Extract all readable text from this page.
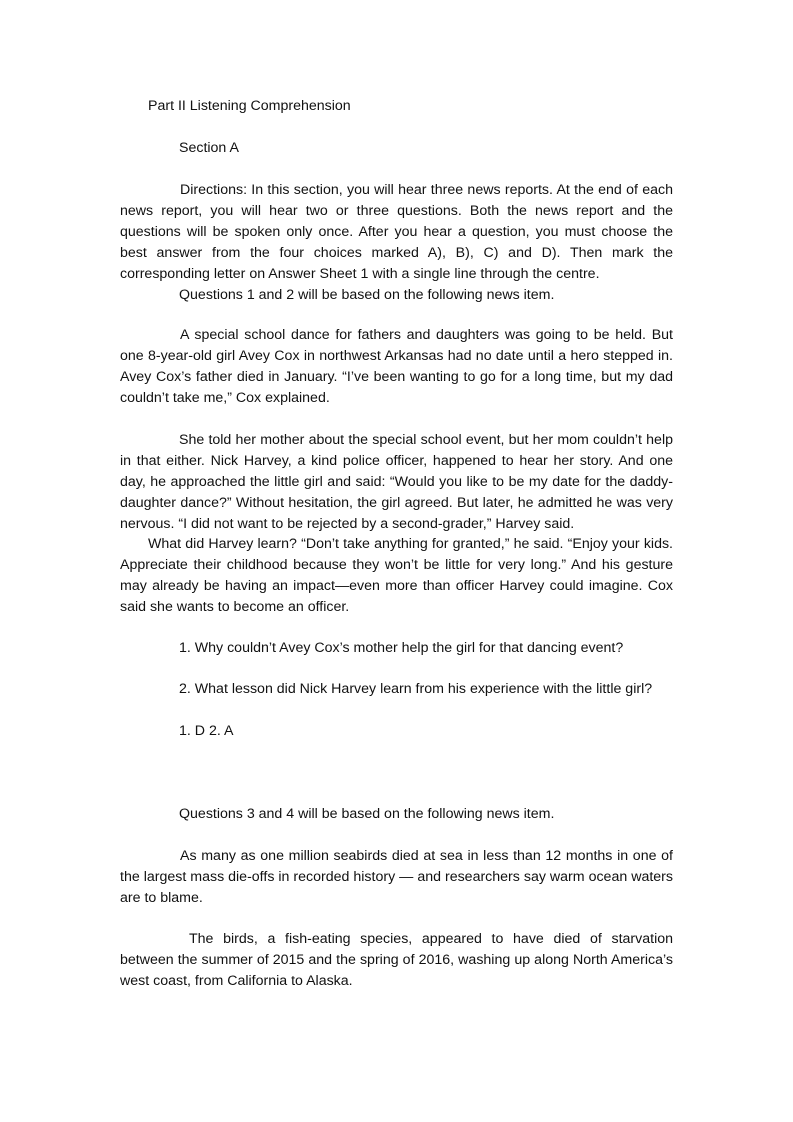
Part II Listening Comprehension

Section A

Directions: In this section, you will hear three news reports. At the end of each news report, you will hear two or three questions. Both the news report and the questions will be spoken only once. After you hear a question, you must choose the best answer from the four choices marked A), B), C) and D). Then mark the corresponding letter on Answer Sheet 1 with a single line through the centre.

Questions 1 and 2 will be based on the following news item.

A special school dance for fathers and daughters was going to be held. But one 8-year-old girl Avey Cox in northwest Arkansas had no date until a hero stepped in. Avey Cox’s father died in January. “I’ve been wanting to go for a long time, but my dad couldn’t take me,” Cox explained.

She told her mother about the special school event, but her mom couldn’t help in that either. Nick Harvey, a kind police officer, happened to hear her story. And one day, he approached the little girl and said: “Would you like to be my date for the daddy-daughter dance?” Without hesitation, the girl agreed. But later, he admitted he was very nervous. “I did not want to be rejected by a second-grader,” Harvey said.

What did Harvey learn? “Don’t take anything for granted,” he said. “Enjoy your kids. Appreciate their childhood because they won’t be little for very long.” And his gesture may already be having an impact—even more than officer Harvey could imagine. Cox said she wants to become an officer.

1. Why couldn’t Avey Cox’s mother help the girl for that dancing event?

2. What lesson did Nick Harvey learn from his experience with the little girl?

1. D 2. A

Questions 3 and 4 will be based on the following news item.

As many as one million seabirds died at sea in less than 12 months in one of the largest mass die-offs in recorded history — and researchers say warm ocean waters are to blame.

The birds, a fish-eating species, appeared to have died of starvation between the summer of 2015 and the spring of 2016, washing up along North America’s west coast, from California to Alaska.
